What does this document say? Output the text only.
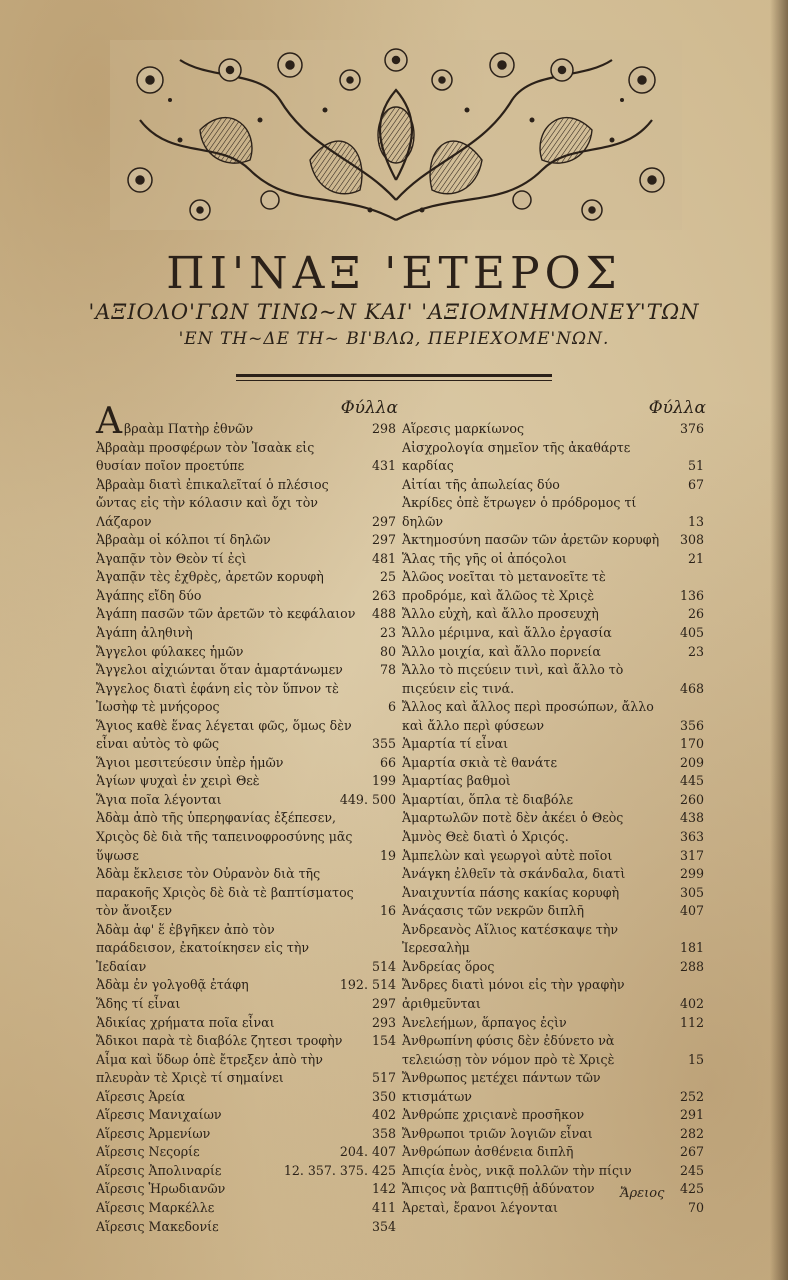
ΠΙ'ΝΑΞ 'ΕΤΕΡΟΣ
'ΑΞΙΟΛΟ'ΓΩΝ ΤΙΝΩ~Ν ΚΑΙ' 'ΑΞΙΟΜΝΗΜΟΝΕΥ'ΤΩΝ
'ΕΝ ΤΗ~ΔΕ ΤΗ~ ΒΙ'ΒΛΩ, ΠΕΡΙΕΧΟΜΕ'ΝΩΝ.
Α	Φύλλα
βραὰμ Πατὴρ ἐθνῶν	298
Ἀβραὰμ προσφέρων τὸν Ἰσαὰκ εἰς θυσίαν ποῖον προετύπε	431
Ἀβραὰμ διατὶ ἐπικαλεῖταί ὁ πλέσιος ὤντας εἰς τὴν κόλασιν καὶ ὄχι τὸν Λάζαρον	297
Ἀβραὰμ οἱ κόλποι τί δηλῶν	297
Ἀγαπᾷν τὸν Θεὸν τί ἐςὶ	481
Ἀγαπᾷν τὲς ἐχθρὲς, ἀρετῶν κορυφὴ	25
Ἀγάπης εἴδη δύο	263
Ἀγάπη πασῶν τῶν ἀρετῶν τὸ κεφάλαιον	488
Ἀγάπη ἀληθινὴ	23
Ἄγγελοι φύλακες ἡμῶν	80
Ἄγγελοι αἰχιώνται ὅταν ἁμαρτάνωμεν	78
Ἄγγελος διατὶ ἐφάνη εἰς τὸν ὕπνον τὲ Ἰωσὴφ τὲ μνήςορος	6
Ἅγιος καθὲ ἕνας λέγεται φῶς, ὅμως δὲν εἶναι αὐτὸς τὸ φῶς	355
Ἅγιοι μεσιτεύεσιν ὑπὲρ ἡμῶν	66
Ἁγίων ψυχαὶ ἐν χειρὶ Θεὲ	199
Ἅγια ποῖα λέγονται	449. 500
Ἀδὰμ ἀπὸ τῆς ὑπερηφανίας ἐξέπεσεν, Χριςὸς δὲ διὰ τῆς ταπεινοφροσύνης μᾶς ὕψωσε	19
Ἀδὰμ ἔκλεισε τὸν Οὐρανὸν διὰ τῆς παρακοῆς Χριςὸς δὲ διὰ τὲ βαπτίσματος τὸν ἄνοιξεν	16
Ἀδὰμ ἀφ' ἕ ἐβγῆκεν ἀπὸ τὸν παράδεισον, ἐκατοίκησεν εἰς τὴν Ἰεδαίαν	514
Ἀδὰμ ἐν γολγοθᾷ ἐτάφη	192. 514
Ἅδης τί εἶναι	297
Ἀδικίας χρήματα ποῖα εἶναι	293
Ἄδικοι παρὰ τὲ διαβόλε ζητεσι τροφὴν	154
Αἷμα καὶ ὕδωρ ὁπὲ ἔτρεξεν ἀπὸ τὴν πλευρὰν τὲ Χριςὲ τί σημαίνει	517
Αἵρεσις Ἀρεία	350
Αἵρεσις Μανιχαίων	402
Αἵρεσις Ἀρμενίων	358
Αἵρεσις Νεςορίε	204. 407
Αἵρεσις Ἀπολιναρίε	12. 357. 375. 425
Αἵρεσις Ἡρωδιανῶν	142
Αἵρεσις Μαρκέλλε	411
Αἵρεσις Μακεδονίε	354
Φύλλα
Αἵρεσις μαρκίωνος	376
Αἰσχρολογία σημεῖον τῆς ἀκαθάρτε καρδίας	51
Αἰτίαι τῆς ἀπωλείας δύο	67
Ἀκρίδες ὁπὲ ἔτρωγεν ὁ πρόδρομος τί δηλῶν	13
Ἀκτημοσύνη πασῶν τῶν ἀρετῶν κορυφὴ	308
Ἅλας τῆς γῆς οἱ ἀπόςολοι	21
Ἀλῶος νοεῖται τὸ μετανοεῖτε τὲ προδρόμε, καὶ ἄλῶος τὲ Χριςὲ	136
Ἄλλο εὐχὴ, καὶ ἄλλο προσευχὴ	26
Ἄλλο μέριμνα, καὶ ἄλλο ἐργασία	405
Ἄλλο μοιχία, καὶ ἄλλο πορνεία	23
Ἄλλο τὸ πιςεύειν τινὶ, καὶ ἄλλο τὸ πιςεύειν εἰς τινά.	468
Ἄλλος καὶ ἄλλος περὶ προσώπων, ἄλλο καὶ ἄλλο περὶ φύσεων	356
Ἁμαρτία τί εἶναι	170
Ἁμαρτία σκιὰ τὲ θανάτε	209
Ἁμαρτίας βαθμοὶ	445
Ἁμαρτίαι, ὅπλα τὲ διαβόλε	260
Ἁμαρτωλῶν ποτὲ δὲν ἀκέει ὁ Θεὸς	438
Ἀμνὸς Θεὲ διατὶ ὁ Χριςός.	363
Ἀμπελὼν καὶ γεωργοὶ αὐτὲ ποῖοι	317
Ἀνάγκη ἐλθεῖν τὰ σκάνδαλα, διατὶ	299
Ἀναιχυντία πάσης κακίας κορυφὴ	305
Ἀνάςασις τῶν νεκρῶν διπλῆ	407
Ἀνδρεανὸς Αἴλιος κατέσκαψε τὴν Ἰερεσαλὴμ	181
Ἀνδρείας ὅρος	288
Ἄνδρες διατὶ μόνοι εἰς τὴν γραφὴν ἀριθμεῦνται	402
Ἀνελεήμων, ἅρπαγος ἐςὶν	112
Ἀνθρωπίνη φύσις δὲν ἐδύνετο νὰ τελειώσῃ τὸν νόμον πρὸ τὲ Χριςὲ	15
Ἄνθρωπος μετέχει πάντων τῶν κτισμάτων	252
Ἀνθρώπε χριςιανὲ προσῆκον	291
Ἄνθρωποι τριῶν λογιῶν εἶναι	282
Ἀνθρώπων ἀσθένεια διπλῆ	267
Ἀπιςία ἑνὸς, νικᾷ πολλῶν τὴν πίςιν	245
Ἄπιςος νὰ βαπτιςθῇ ἀδύνατον	425
Ἀρεταὶ, ἔρανοι λέγονται	70
Ἄρειος
